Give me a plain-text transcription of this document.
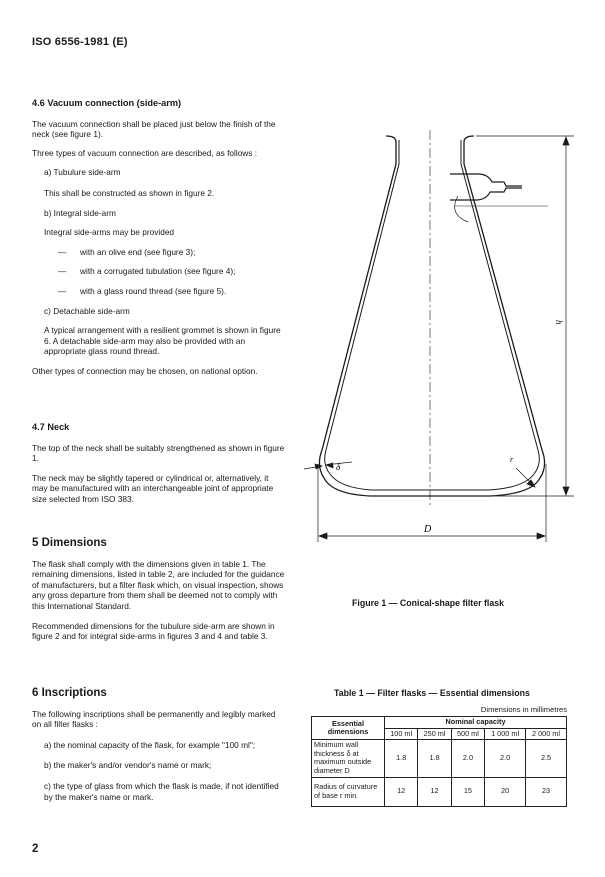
ISO 6556-1981 (E)

4.6 Vacuum connection (side-arm)

The vacuum connection shall be placed just below the finish of the neck (see figure 1).

Three types of vacuum connection are described, as follows :

a) Tubulure side-arm

This shall be constructed as shown in figure 2.

b) Integral side-arm

Integral side-arms may be provided

— with an olive end (see figure 3);

— with a corrugated tubulation (see figure 4);

— with a glass round thread (see figure 5).

c) Detachable side-arm

A typical arrangement with a resilient grommet is shown in figure 6. A detachable side-arm may also be provided with an appropriate glass round thread.

Other types of connection may be chosen, on national option.

4.7 Neck

The top of the neck shall be suitably strengthened as shown in figure 1.

The neck may be slightly tapered or cylindrical or, alternatively, it may be manufactured with an interchangeable joint of appropriate size selected from ISO 383.

5 Dimensions

The flask shall comply with the dimensions given in table 1. The remaining dimensions, listed in table 2, are included for the guidance of manufacturers, but a filter flask which, on visual inspection, shows any gross departure from them shall be deemed not to comply with this International Standard.

Recommended dimensions for the tubulure side-arm are shown in figure 2 and for integral side-arms in figures 3 and 4 and table 3.

6 Inscriptions

The following inscriptions shall be permanently and legibly marked on all filter flasks :

a) the nominal capacity of the flask, for example "100 ml";

b) the maker's and/or vendor's name or mark;

c) the type of glass from which the flask is made, if not identified by the maker's name or mark.

h
D
δ
r
Figure 1 — Conical-shape filter flask
Table 1 — Filter flasks — Essential dimensions
Dimensions in millimetres
Essential dimensions	Nominal capacity				
	100 ml	250 ml	500 ml	1 000 ml	2 000 ml
Minimum wall thickness δ at maximum outside diameter D	1.8	1.8	2.0	2.0	2.5
Radius of curvature of base r min.	12	12	15	20	23
2
